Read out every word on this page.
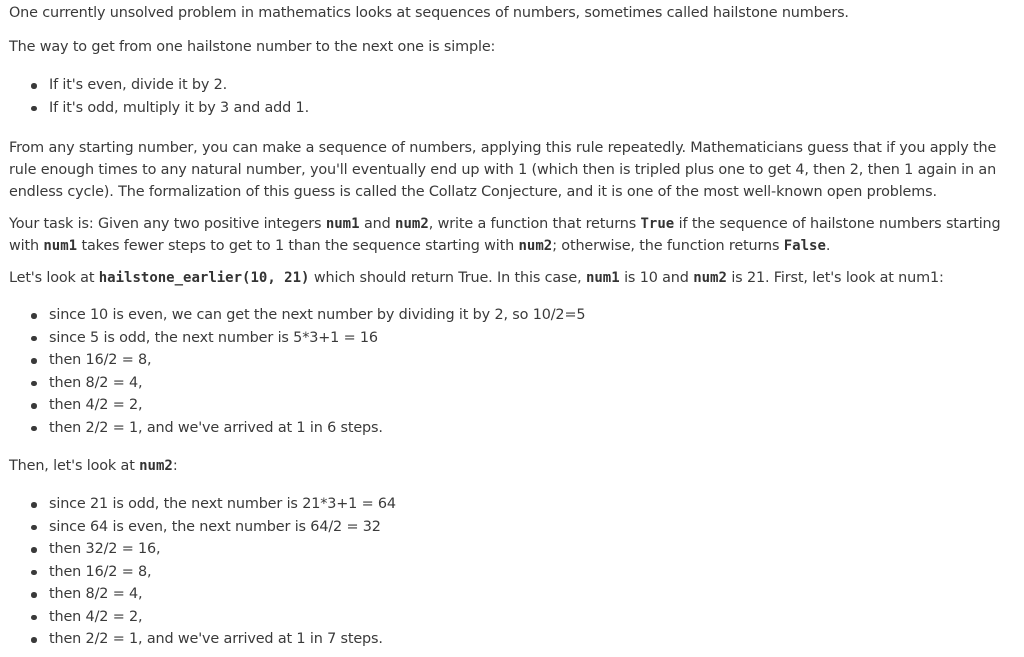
One currently unsolved problem in mathematics looks at sequences of numbers, sometimes called hailstone numbers.

The way to get from one hailstone number to the next one is simple:

If it's even, divide it by 2.
If it's odd, multiply it by 3 and add 1.

From any starting number, you can make a sequence of numbers, applying this rule repeatedly. Mathematicians guess that if you apply the rule enough times to any natural number, you'll eventually end up with 1 (which then is tripled plus one to get 4, then 2, then 1 again in an endless cycle). The formalization of this guess is called the Collatz Conjecture, and it is one of the most well-known open problems.

Your task is: Given any two positive integers num1 and num2, write a function that returns True if the sequence of hailstone numbers starting with num1 takes fewer steps to get to 1 than the sequence starting with num2; otherwise, the function returns False.

Let's look at hailstone_earlier(10, 21) which should return True. In this case, num1 is 10 and num2 is 21. First, let's look at num1:

since 10 is even, we can get the next number by dividing it by 2, so 10/2=5
since 5 is odd, the next number is 5*3+1 = 16
then 16/2 = 8,
then 8/2 = 4,
then 4/2 = 2,
then 2/2 = 1, and we've arrived at 1 in 6 steps.

Then, let's look at num2:

since 21 is odd, the next number is 21*3+1 = 64
since 64 is even, the next number is 64/2 = 32
then 32/2 = 16,
then 16/2 = 8,
then 8/2 = 4,
then 4/2 = 2,
then 2/2 = 1, and we've arrived at 1 in 7 steps.
